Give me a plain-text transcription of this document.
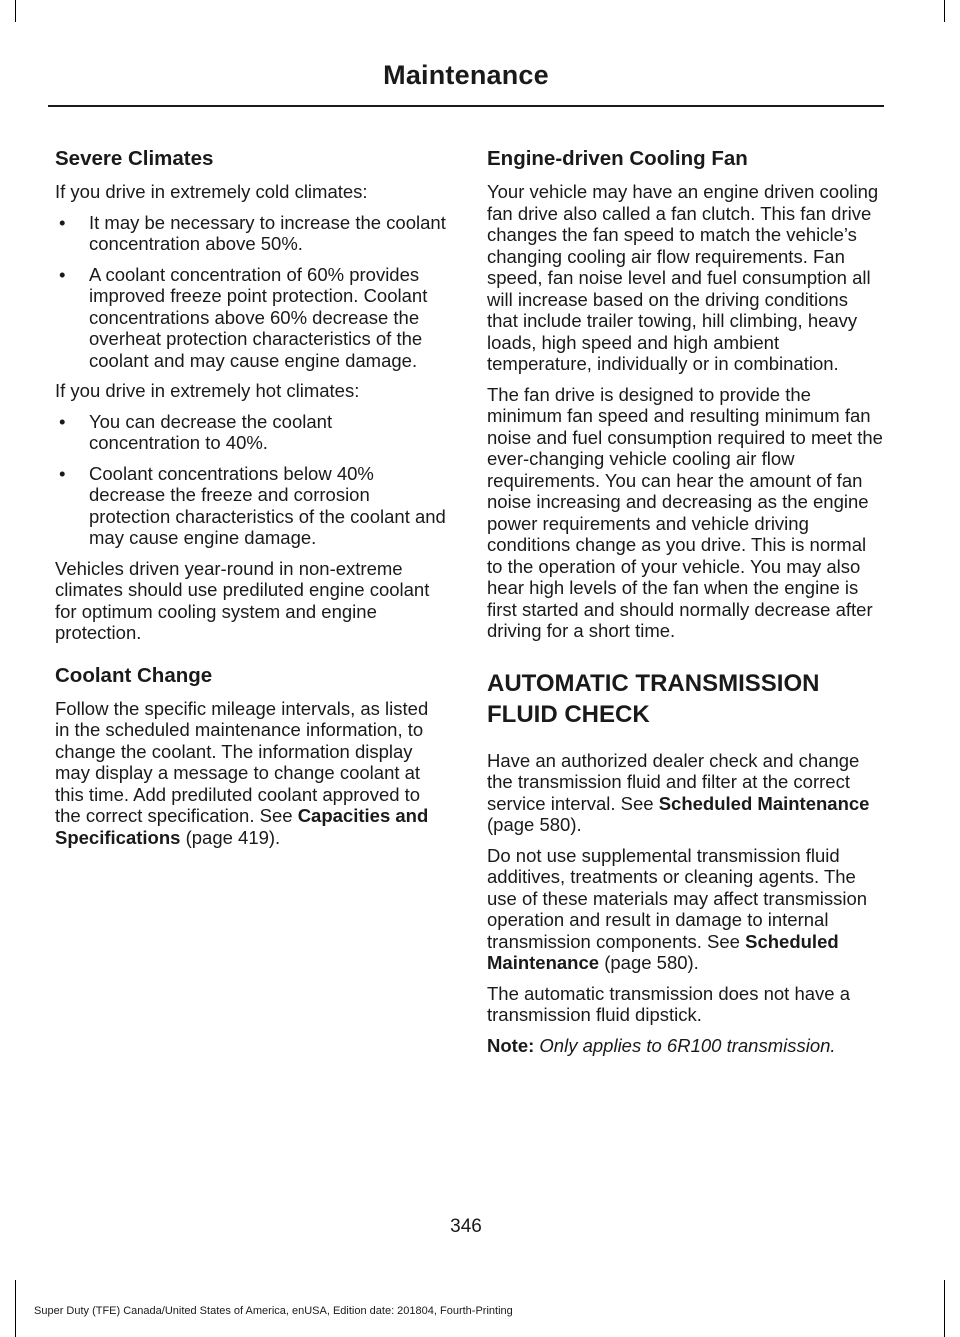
Maintenance
Severe Climates

If you drive in extremely cold climates:

• It may be necessary to increase the coolant concentration above 50%.
• A coolant concentration of 60% provides improved freeze point protection. Coolant concentrations above 60% decrease the overheat protection characteristics of the coolant and may cause engine damage.

If you drive in extremely hot climates:

• You can decrease the coolant concentration to 40%.
• Coolant concentrations below 40% decrease the freeze and corrosion protection characteristics of the coolant and may cause engine damage.

Vehicles driven year-round in non-extreme climates should use prediluted engine coolant for optimum cooling system and engine protection.

Coolant Change

Follow the specific mileage intervals, as listed in the scheduled maintenance information, to change the coolant. The information display may display a message to change coolant at this time. Add prediluted coolant approved to the correct specification. See Capacities and Specifications (page 419).

Engine-driven Cooling Fan

Your vehicle may have an engine driven cooling fan drive also called a fan clutch. This fan drive changes the fan speed to match the vehicle’s changing cooling air flow requirements. Fan speed, fan noise level and fuel consumption all will increase based on the driving conditions that include trailer towing, hill climbing, heavy loads, high speed and high ambient temperature, individually or in combination.

The fan drive is designed to provide the minimum fan speed and resulting minimum fan noise and fuel consumption required to meet the ever-changing vehicle cooling air flow requirements. You can hear the amount of fan noise increasing and decreasing as the engine power requirements and vehicle driving conditions change as you drive. This is normal to the operation of your vehicle. You may also hear high levels of the fan when the engine is first started and should normally decrease after driving for a short time.

AUTOMATIC TRANSMISSION
FLUID CHECK

Have an authorized dealer check and change the transmission fluid and filter at the correct service interval. See Scheduled Maintenance (page 580).

Do not use supplemental transmission fluid additives, treatments or cleaning agents. The use of these materials may affect transmission operation and result in damage to internal transmission components. See Scheduled Maintenance (page 580).

The automatic transmission does not have a transmission fluid dipstick.

Note: Only applies to 6R100 transmission.

346
Super Duty (TFE) Canada/United States of America, enUSA, Edition date: 201804, Fourth-Printing
